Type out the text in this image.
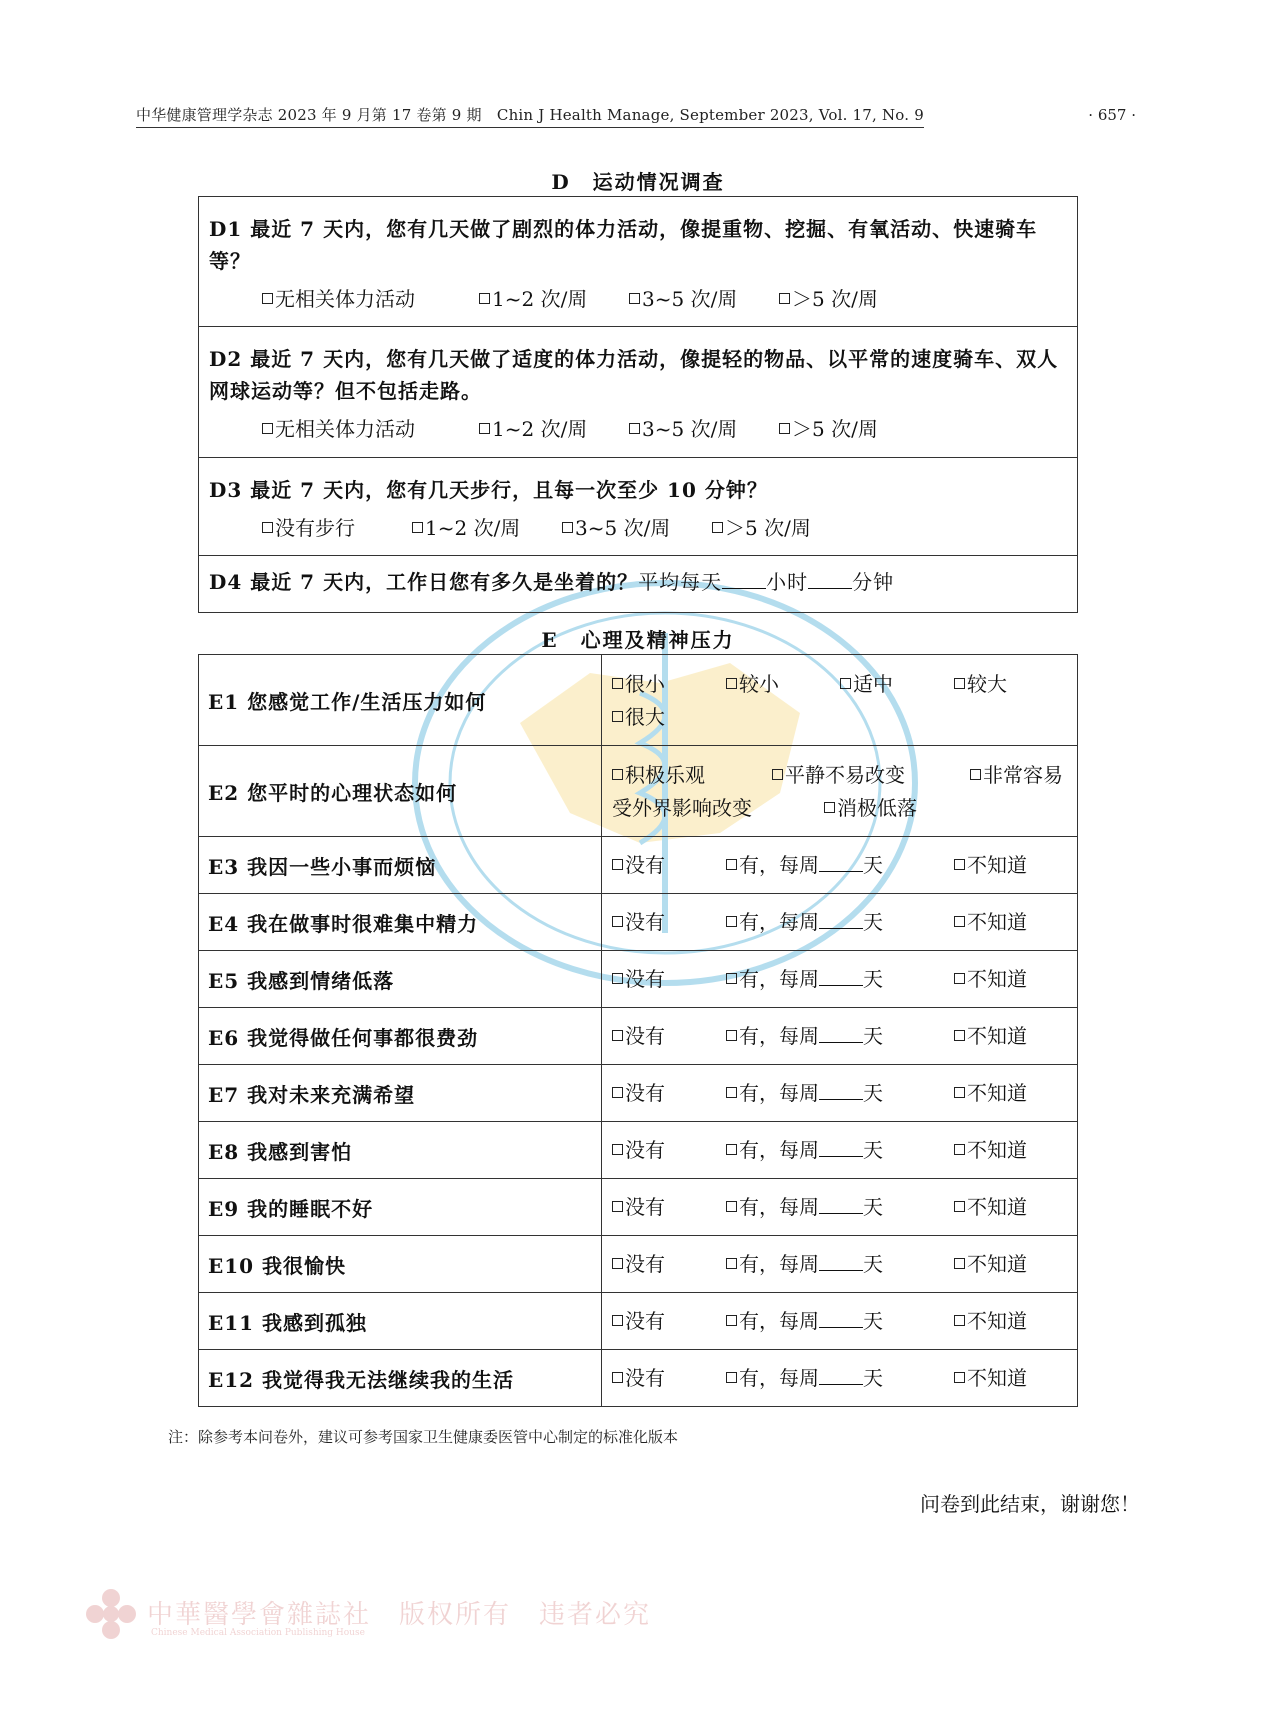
中华健康管理学杂志 2023 年 9 月第 17 卷第 9 期　Chin J Health Manage, September 2023, Vol. 17, No. 9	· 657 ·
D 运动情况调查
D1 最近 7 天内，您有几天做了剧烈的体力活动，像提重物、挖掘、有氧活动、快速骑车等？
无相关体力活动	1~2 次/周	3~5 次/周	＞5 次/周
D2 最近 7 天内，您有几天做了适度的体力活动，像提轻的物品、以平常的速度骑车、双人网球运动等？但不包括走路。
无相关体力活动	1~2 次/周	3~5 次/周	＞5 次/周
D3 最近 7 天内，您有几天步行，且每一次至少 10 分钟？
没有步行	1~2 次/周	3~5 次/周	＞5 次/周
D4 最近 7 天内，工作日您有多久是坐着的？平均每天 小时 分钟
E 心理及精神压力
E1 您感觉工作/生活压力如何	很小 较小 适中 较大
很大

E2 您平时的心理状态如何	积极乐观 平静不易改变 非常容易
受外界影响改变 消极低落

E3 我因一些小事而烦恼	没有 有，每周 天 不知道

E4 我在做事时很难集中精力	没有 有，每周 天 不知道

E5 我感到情绪低落	没有 有，每周 天 不知道

E6 我觉得做任何事都很费劲	没有 有，每周 天 不知道

E7 我对未来充满希望	没有 有，每周 天 不知道

E8 我感到害怕	没有 有，每周 天 不知道

E9 我的睡眠不好	没有 有，每周 天 不知道

E10 我很愉快	没有 有，每周 天 不知道

E11 我感到孤独	没有 有，每周 天 不知道

E12 我觉得我无法继续我的生活	没有 有，每周 天 不知道
注：除参考本问卷外，建议可参考国家卫生健康委医管中心制定的标准化版本
问卷到此结束，谢谢您！
中華醫學會雜誌社　 版权所有　违者必究
Chinese Medical Association Publishing House
